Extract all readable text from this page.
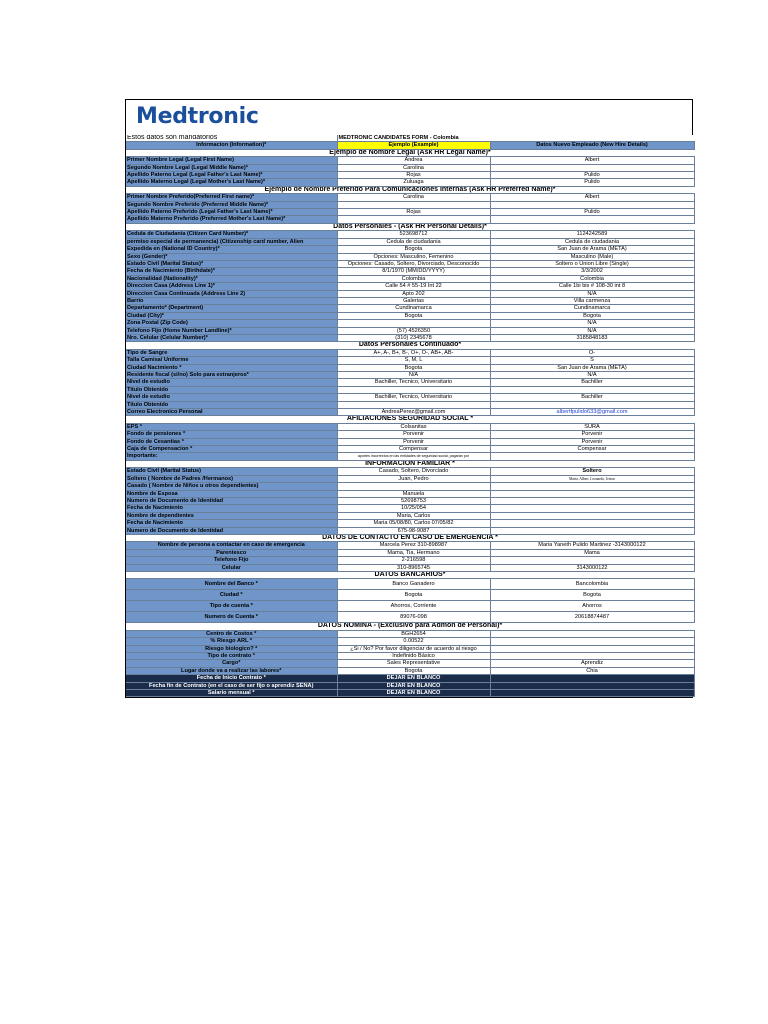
Medtronic
Estos datos son mandatorios	MEDTRONIC CANDIDATES FORM - Colombia	
Informacion (Information)*	Ejemplo (Example)	Datos Nuevo Empleado (New Hire Details)
Ejemplo de Nombre Legal (Ask HR Legal Name)*		
Primer Nombre Legal (Legal First Name)	Andrea	Albert
Segundo Nombre Legal (Legal Middle Name)*	Carolina	
Apellido Paterno Legal (Legal Father's Last Name)*	Rojas	Pulido
Apellido Materno Legal (Legal Mother's Last Name)*	Zuluaga	Pulido
Ejemplo de Nombre Preferido Para Comunicaciones Internas (Ask HR Preferred Name)*		
Primer Nombre Preferido(Preferred First name)*	Carolina	Albert
Segundo Nombre Preferido (Preferred Middle Name)*		
Apellido Paterno Preferido (Legal Father's Last Name)*	Rojas	Pulido
Apellido Materno Preferido (Preferred Mother's Last Name)*		
Datos Personales - (Ask HR Personal Details)*		
Cedula de Ciudadania (Citizen Card Number)*	523698712	1124242589
permiso especial de permanencia) (Citizenship card number, Alien	Cedula de ciudadania	Cedula de ciudadania
Expedida en (National ID Country)*	Bogota	San Juan de Arama (META)
Sexo (Gender)*	Opciones: Masculino, Femenino	Masculino (Male)
Estado Civil (Marital Status)*	Opciones: Casado, Soltero, Divorciado, Desconocido	Soltero o Union Libre (Single)
Fecha de Nacimiento (Birthdate)*	8/1/1970 (MM/DD/YYYY)	3/3/2002
Nacionalidad (Nationality)*	Colombia	Colombia
Direccion Casa (Address Line 1)*	Calle 54 # 55-19 Int 22	Calle 1bi bis # 108-30 int 8
Direccion Casa Continuada (Address Line 2)	Apto 202	N/A
Barrio	Galerias	Villa carmenza
Departamento* (Department)	Cundinamarca	Cundinamarca
Ciudad (City)*	Bogota	Bogota
Zona Postal (Zip Code)		N/A
Telefono Fijo (Home Number Landline)*	(57) 4526350	N/A
Nro. Celular (Celular Number)*	(310) 2345678	3185848183
Datos Personales Continuado*		
Tipo de Sangre	A+, A-, B+, B-, O+, O-, AB+, AB-	O-
Talla Camisa/ Uniforme	S, M, L	S
Ciudad Nacimiento *	Bogota	San Juan de Arama (META)
Residente fiscal (si/no) Solo para extranjeros*	N/A	N/A
Nivel de estudio	Bachiller, Tecnico, Universitario	Bachiller
Titulo Obtenido		
Nivel de estudio	Bachiller, Tecnico, Universitario	Bachiller
Titulo Obtenido		
Correo Electronico Personal	AndreaPerez@gmail.com	albertfpulido633@gmail.com
AFILIACIONES SEGURIDAD SOCIAL *		
EPS *	Colsanitas	SURA
Fondo de pensiones *	Porvenir	Porvenir
Fondo de Cesantias *	Porvenir	Porvenir
Caja de Compensacion *	Compensar	Compensar
Importante:	aportes incorrectos en las entidades de seguridad social, pagarán por	
INFORMACION FAMILIAR *		
Estado Civil (Marital Status)	Casado, Soltero, Divorciado	Soltero
Soltero ( Nombre de Padres /Hermanos)	Juan, Pedro	Maria, Albert, Leonardo, Jeison
Casado ( Nombre de Niños u otros dependientes)		
Nombre de Esposa	Manuela	
Numero de Documento de Identidad	52698753	
Fecha de Nacimiento	10/25/054	
Nombre de dependientes	Maria, Carlos	
Fecha de Nacimiento	Maria 05/08/80, Carlos 07/05/82	
Numero de Documento de Identidad	675-98-9087	
DATOS DE CONTACTO EN CASO DE EMERGENCIA *		
Nombre de persona a contactar en caso de emergencia	Marcela Perez 310-898987	Maria Yaneth Pulido Martinez -3143000122
Parentesco	Mama, Tia, Hermano	Mama
Telefono Fijo	2-216598	
Celular	310-8965745	3143000122
DATOS BANCARIOS*		
Nombre del Banco *	Banco Ganadero	Bancolombia
Ciudad *	Bogota	Bogota
Tipo de cuenta *	Ahorros, Corriente	Ahorros
Numero de Cuenta *	89076-098	20618874487
DATOS NOMINA - (Exclusivo para Admon de Personal)*		
Centro de Costos *	BGH2654	
% Riesgo ARL *	0.00522	
Riesgo biologico? *	¿Si / No? Por favor diligenciar de acuerdo al riesgo	
Tipo de contrato *	Indefinido Básico	
Cargo*	Sales Representative	Aprendiz
Lugar donde va a realizar las labores*	Bogota	Chia
Fecha de Inicio Contrato *	DEJAR EN BLANCO	
Fecha fin de Contrato (en el caso de ser fijo o aprendiz SENA)	DEJAR EN BLANCO	
Salario mensual *	DEJAR EN BLANCO	
